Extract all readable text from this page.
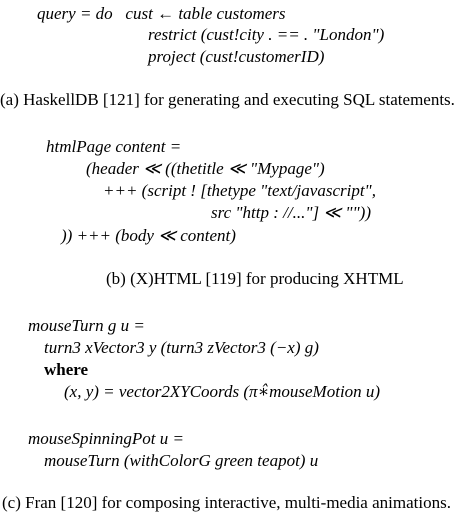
query = do   cust ← table customers
restrict (cust!city . == . "London")
project (cust!customerID)
(a) HaskellDB [121] for generating and executing SQL statements.
htmlPage content =
(header ≪ ((thetitle ≪ "Mypage")
+++ (script ! [thetype "text/javascript",
src "http : //..."] ≪ ""))
)) +++ (body ≪ content)
(b) (X)HTML [119] for producing XHTML
mouseTurn g u =
turn3 xVector3 y (turn3 zVector3 (−x) g)
where
(x, y) = vector2XYCoords (π∗̂mouseMotion u)
mouseSpinningPot u =
mouseTurn (withColorG green teapot) u
(c) Fran [120] for composing interactive, multi-media animations.
